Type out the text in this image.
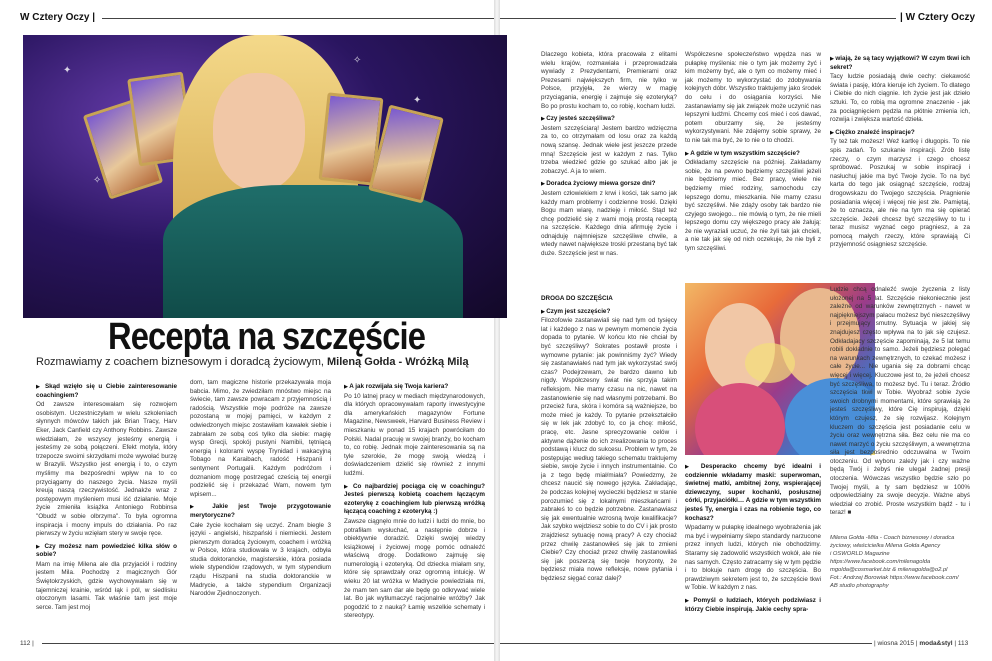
W Cztery Oczy |	| W Cztery Oczy
✦
✦
✧
✧
Recepta na szczęście
Rozmawiamy z coachem biznesowym i doradcą życiowym, Mileną Gołda - Wróżką Milą

▶ Skąd wzięło się u Ciebie zainteresowanie coachingiem?

Od zawsze interesowałam się rozwojem osobistym. Uczestniczyłam w wielu szkoleniach słynnych mówców takich jak Brian Tracy, Harv Eker, Jack Canfield czy Anthony Robbins. Zawsze wiedziałam, że wszyscy jesteśmy energią i jesteśmy ze sobą połączeni. Efekt motyla, który trzepocze swoimi skrzydłami może wywołać burzę w Brazylii. Wszystko jest energią i to, o czym myślimy ma bezpośredni wpływ na to co przyciągamy do naszego życia. Nasze myśli kreują naszą rzeczywistość. Jednakże wraz z postępowym myśleniem musi iść działanie. Moje życie zmieniła książka Antoniego Robbinsa "Obudź w sobie olbrzyma". To była ogromna inspiracja i mocny impuls do działania. Po raz pierwszy w życiu wzięłam stery w swoje ręce.

▶ Czy możesz nam powiedzieć kilka słów o sobie?

Mam na imię Milena ale dla przyjaciół i rodziny jestem Mila. Pochodzę z magicznych Gór Świętokrzyskich, gdzie wychowywałam się w tajemniczej krainie, wśród łąk i pól, w siedlisku otoczonym lasami. Tak właśnie tam jest moje serce. Tam jest moj

dom, tam magiczne historie przekazywała moja babcia. Mimo, że zwiedziłam mnóstwo miejsc na świecie, tam zawsze powracam z przyjemnością i radością. Wszystkie moje podróże na zawsze pozostaną w mojej pamięci, w każdym z odwiedzonych miejsc zostawiłam kawałek siebie i zabrałam ze sobą coś tylko dla siebie: magię wysp Grecji, spokój pustyni Namibii, tętniącą energią i kolorami wyspę Trynidad i wakacyjną Tobago na Karaibach, radość Hiszpanii i sentyment Portugalii. Każdym podróżom i doznaniom mogę postrzegać cześcią tej energii podzielić się i przekazać Wam, nowem tym wpisem...

▶ Jakie jest Twoje przygotowanie merytoryczne?

Całe życie kochałam się uczyć. Znam biegle 3 języki - angielski, hiszpański i niemiecki. Jestem pierwszym doradcą życiowym, coachem i wróżką w Polsce, która studiowała w 3 krajach, odbyła studia doktoranckie, magisterskie, która posiada wiele stypendiów rządowych, w tym stypendium rządu Hiszpanii na studia doktoranckie w Madrycie, a także stypendium Organizacji Narodów Zjednoczonych.

▶ A jak rozwijała się Twoja kariera?

Po 10 latnej pracy w mediach międzynarodowych, dla których opracowywałam raporty inwestycyjne dla amerykańskich magazynów Fortune Magazine, Newsweek, Harvard Business Review i mieszkaniu w ponad 15 krajach powróciłam do Polski. Nadal pracuję w swojej branży, bo kocham to, co robię. Jednak moje zainteresowania są na tyle szerokie, że mogę swoją wiedzą i doświadczeniem dzielić się również z innymi ludźmi.

▶ Co najbardziej pociąga cię w coachingu? Jesteś pierwszą kobietą coachem łączącym ezoterykę z coachingiem lub pierwszą wróżką łączącą coaching z ezoteryką :)

Zawsze ciągnęło mnie do ludzi i ludzi do mnie, bo potrafiłam wysłuchać, a następnie dobrze i obiektywnie doradzić. Dzięki swojej wiedzy książkowej i życiowej mogę pomóc odnaleźć właściwą drogę. Dodatkowo zajmuję się numerologią i ezoteryką. Od dziecka miałam sny, które się sprawdzały oraz ogromną intuicję. W wieku 20 lat wróżka w Madrycie powiedziała mi, że mam ten sam dar ale będę go odkrywać wiele lat. Bo jak wytłumaczyć racjonalnie wróżby? Jak pogodzić to z nauką? Łamię wszelkie schematy i stereotypy.

Dlaczego kobieta, która pracowała z elitami wielu krajów, rozmawiała i przeprowadzała wywiady z Prezydentami, Premierami oraz Prezesami największych firm, nie tylko w Polsce, przyjęła, że wierzy w magię przyciągania, energię i zajmuje się ezoteryką? Bo po prostu kocham to, co robię, kocham ludzi.

▶ Czy jesteś szczęśliwa?

Jestem szczęściarą! Jestem bardzo wdzięczna za to, co otrzymałam od losu oraz za każdą nową szansę. Jednak wiele jest jeszcze przede mną! Szczęście jest w każdym z nas. Tylko trzeba wiedzieć gdzie go szukać albo jak je zobaczyć. A ja to wiem.

▶ Doradca życiowy miewa gorsze dni?

Jestem człowiekiem z krwi i kości, tak samo jak każdy mam problemy i codzienne troski. Dzięki Bogu mam wiarę, nadzieję i miłość. Stąd też chcę podzielić się z wami moją prostą receptą na szczęście. Każdego dnia afirmuję życie i odnajduję najmniejsze szczęśliwe chwile, a wtedy nawet największe troski przestaną być tak duże. Szczęście jest w nas.

DROGA DO SZCZĘŚCIA

▶ Czym jest szczęście?

Filozofowie zastanawiali się nad tym od tysięcy lat i każdego z nas w pewnym momencie życia dopada to pytanie. W końcu kto nie chciał by być szczęśliwy? Sokrates postawił proste i wymowne pytanie: jak powinniśmy żyć? Wiedy się zastanawiałeś nad tym jak wykorzystać swój czas? Podejrzewam, że bardzo dawno lub nigdy. Współczesny świat nie sprzyja takim refleksjom. Nie mamy czasu na nic, nawet na zastanowienie się nad własnymi potrzebami. Bo przecież fura, skóra i komóra są ważniejsze, bo może mieć je każdy. To pytanie przekształciło się w lek jak zdobyć to, co ja chcę: miłość, pracę, etc. Jasne sprecyzowanie celów i aktywne dążenie do ich zrealizowania to proces podstawą i klucz do sukcesu. Problem w tym, że postępując według takiego schematu traktujemy siebie, swoje życie i innych instrumentalnie. Co ja z tego będę miał/miała? Powiedzmy, że chcesz naucić się nowego języka. Zakładając, że podczas kolejnej wycieczki będziesz w stanie porozumieć się z lokalnymi mieszkańcami i zabrałeś to co będzie potrzebne. Zastanawiasz się jak ewentualnie wzrosną twoje kwalifikacje? Jak szybko wejdziesz sobie to do CV i jak prosto zrajdziesz sytuację nową pracy? A czy chociaż przez chwilę zastanowiłeś się jak to zmieni Ciebie? Czy chociaż przez chwilę zastanowiłaś się jak poszerzą się twoje horyzonty, że będziesz miała nowe refleksje, nowe pytania i będziesz sięgać coraz dalej?

Współczesne społeczeństwo wpędza nas w pułapkę myślenia: nie o tym jak możemy żyć i kim możemy być, ale o tym co możemy mieć i jak możemy to wykorzystać do zdobywania kolejnych dóbr. Wszystko traktujemy jako środek do celu i do osiągania korzyści. Nie zastanawiamy się jak związek może uczynić nas lepszymi ludźmi. Chcemy coś mieć i coś dawać, potem oburzamy się, że jesteśmy wykorzystywani. Nie zdajemy sobie sprawy, że to nie tak ma być, że to nie o to chodzi.

▶ A gdzie w tym wszystkim szczęście?

Odkładamy szczęście na później. Zakładamy sobie, że na pewno będziemy szczęśliwi jeżeli nie będziemy mieć. Bez pracy, wiele nie będziemy mieć rodziny, samochodu czy lepszego domu, mieszkania. Nie mamy czasu być szczęśliwi. Nie zdąży osoby tak bardzo nie czyjego swojego... nie mówią o tym, że nie mieli lepszego domu czy większego pracy ale żałują: że nie wyraziali uczuć, że nie żyli tak jak chcieli, a nie tak jak się od nich oczekuje, że nie byli z tym szczęśliwi.

▶ wiają, że są tacy wyjątkowi? W czym tkwi ich sekret?

Tacy ludzie posiadają dwie cechy: ciekawość świata i pasję, która kieruje ich życiem. To dlatego i Ciebie do nich ciągnie. Ich życie jest jak dzieło sztuki. To, co robią ma ogromne znaczenie - jak za pociągnięciem pędzla na płótnie zmienia ich, rozwija i zwiększa wartość dzieła.

▶ Ciężko znaleźć inspiracje?

Ty też tak możesz! Weź kartkę i długopis. To nie spis zadań. To szukanie inspiracji. Zrób listę rzeczy, o czym marzysz i czego chcesz spróbować. Poszukaj w sobie inspiracji i nasłuchuj jakie ma być Twoje życie. To na być karta do tego jak osiągnąć szczęście, rodzaj drogowskazu do Twojego szczęścia. Pragnienie posiadania więcej i więcej nie jest złe. Pamiętaj, że to oznacza, ale nie na tym ma się opierać szczęście. Jeżeli chcesz być szczęśliwy to tu i teraz musisz wyznać cego pragniesz, a za pomocą małych rzeczy, które sprawiają Ci przyjemność osiągniesz szczęście.

▶ Desperacko chcemy być idealni i codziennie wkładamy maski: superwoman, świetnej matki, ambitnej żony, wspierającej dziewczyny, super kochanki, posłusznej córki, przyjaciółki… A gdzie w tym wszystkim jesteś Ty, energia i czas na robienie tego, co kochasz?

Wpadamy w pułapkę idealnego wyobrażenia jak ma być i wypełniamy ślepo standardy narzucone przez innych ludzi, których nie obchodzimy. Staramy się zadowolić wszystkich wokół, ale nie nas samych. Często zatracamy się w tym pędzie i to blokuje nam drogę do szczęścia. Bo prawdziwym sekretem jest to, że szczęście tkwi w Tobie. W każdym z nas.

▶ Pomyśl o ludziach, których podziwiasz i którzy Ciebie inspirują. Jakie cechy spra-

Ludzie chcą odnaleźć swoje życzenia z listy ułożonej na 5 lat. Szczęście niekoniecznie jest zależne od warunków zewnętrznych - nawet w najpiękniejszym pałacu możesz być nieszczęśliwy i przejmujący smutny. Sytuacja w jakiej się znajdujesz często wpływa na to jak się czujesz. Odkładajacy szczęście zapominają, że 5 lat temu robili dokładnie to samo. Jeżeli będziesz polegać na warunkach zewnętrznych, to czekać możesz i całe życie... Nie ugania się za dobrami chcąc więcej i więcej. Kluczowe jest to, że jeżeli chcesz być szczęśliwa, to możesz być. Tu i teraz. Źródło szczęścia tkwi w Tobie. Wyobraź sobie życie swoich drobnymi momentami, które sprawiają że jesteś szczęśliwy, które Cię inspirują, dzięki którym czujesz, że się rozwijasz. Kolejnym kluczem do szczęścia jest posiadanie celu w życiu oraz wewnętrzna siła. Bez celu nie ma co nawet marzyć o życiu szczęśliwym, a wewnętrzna siła jest bezpośrednio odczuwalna w Twoim otoczeniu. Od wyboru zależy jak i czy ważne będą Twój i żebyś nie ulegał żadnej presji otoczenia. Wówczas wszystko będzie szło po Twojej myśli, a ty sam będziesz w 100% odpowiedzialny za swoje decyzje. Ważne abyś wiedział co zrobić. Proste wszystkim bądź - tu i teraz! ■

Milena Gołda -Mila - Coach biznesowy i doradca
życiowy, właścicielka Milena Gołda Agency
i OSWORLD Magazine
https://www.facebook.com/milenagolda
mgolda@cosmarket.biz & milenagolda@o2.pl
Fot.: Andrzej Borowiak https://www.facebook.com/
AB studio photography
112 |	| wiosna 2015 | moda&styl | 113
